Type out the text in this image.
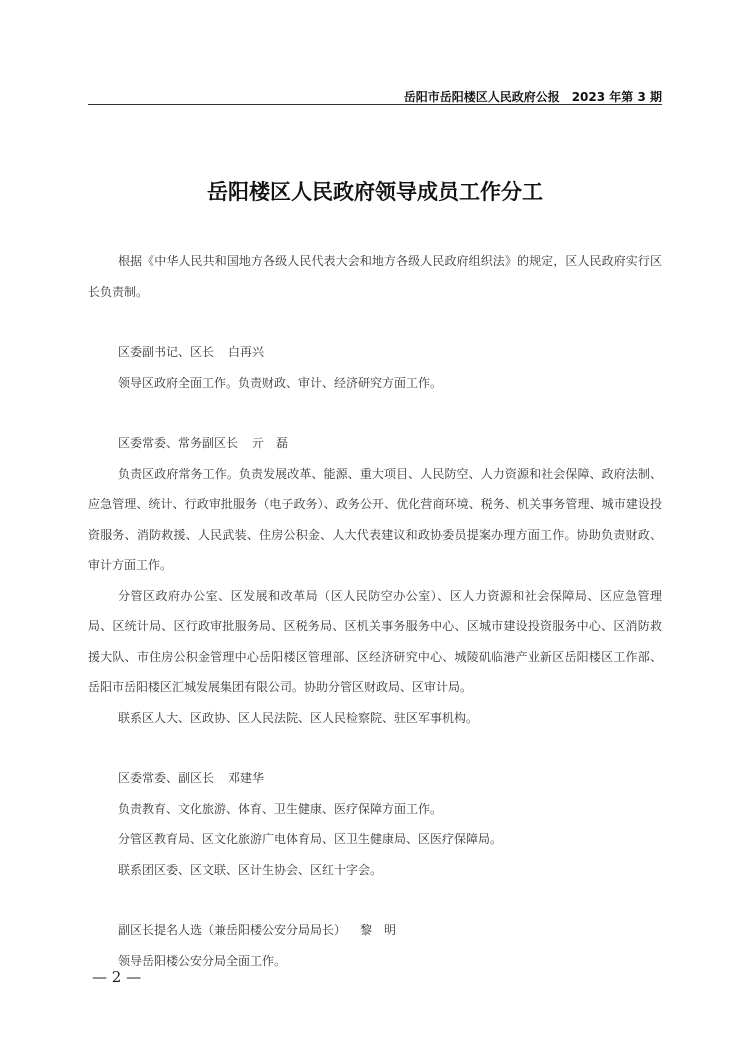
岳阳市岳阳楼区人民政府公报　2023 年第 3 期
岳阳楼区人民政府领导成员工作分工

根据《中华人民共和国地方各级人民代表大会和地方各级人民政府组织法》的规定，区人民政府实行区长负责制。

区委副书记、区长 白再兴

领导区政府全面工作。负责财政、审计、经济研究方面工作。

区委常委、常务副区长 亓　磊

负责区政府常务工作。负责发展改革、能源、重大项目、人民防空、人力资源和社会保障、政府法制、应急管理、统计、行政审批服务（电子政务）、政务公开、优化营商环境、税务、机关事务管理、城市建设投资服务、消防救援、人民武装、住房公积金、人大代表建议和政协委员提案办理方面工作。协助负责财政、审计方面工作。

分管区政府办公室、区发展和改革局（区人民防空办公室）、区人力资源和社会保障局、区应急管理局、区统计局、区行政审批服务局、区税务局、区机关事务服务中心、区城市建设投资服务中心、区消防救援大队、市住房公积金管理中心岳阳楼区管理部、区经济研究中心、城陵矶临港产业新区岳阳楼区工作部、岳阳市岳阳楼区汇城发展集团有限公司。协助分管区财政局、区审计局。

联系区人大、区政协、区人民法院、区人民检察院、驻区军事机构。

区委常委、副区长 邓建华

负责教育、文化旅游、体育、卫生健康、医疗保障方面工作。

分管区教育局、区文化旅游广电体育局、区卫生健康局、区医疗保障局。

联系团区委、区文联、区计生协会、区红十字会。

副区长提名人选（兼岳阳楼公安分局局长） 黎　明

领导岳阳楼公安分局全面工作。

— 2 —
